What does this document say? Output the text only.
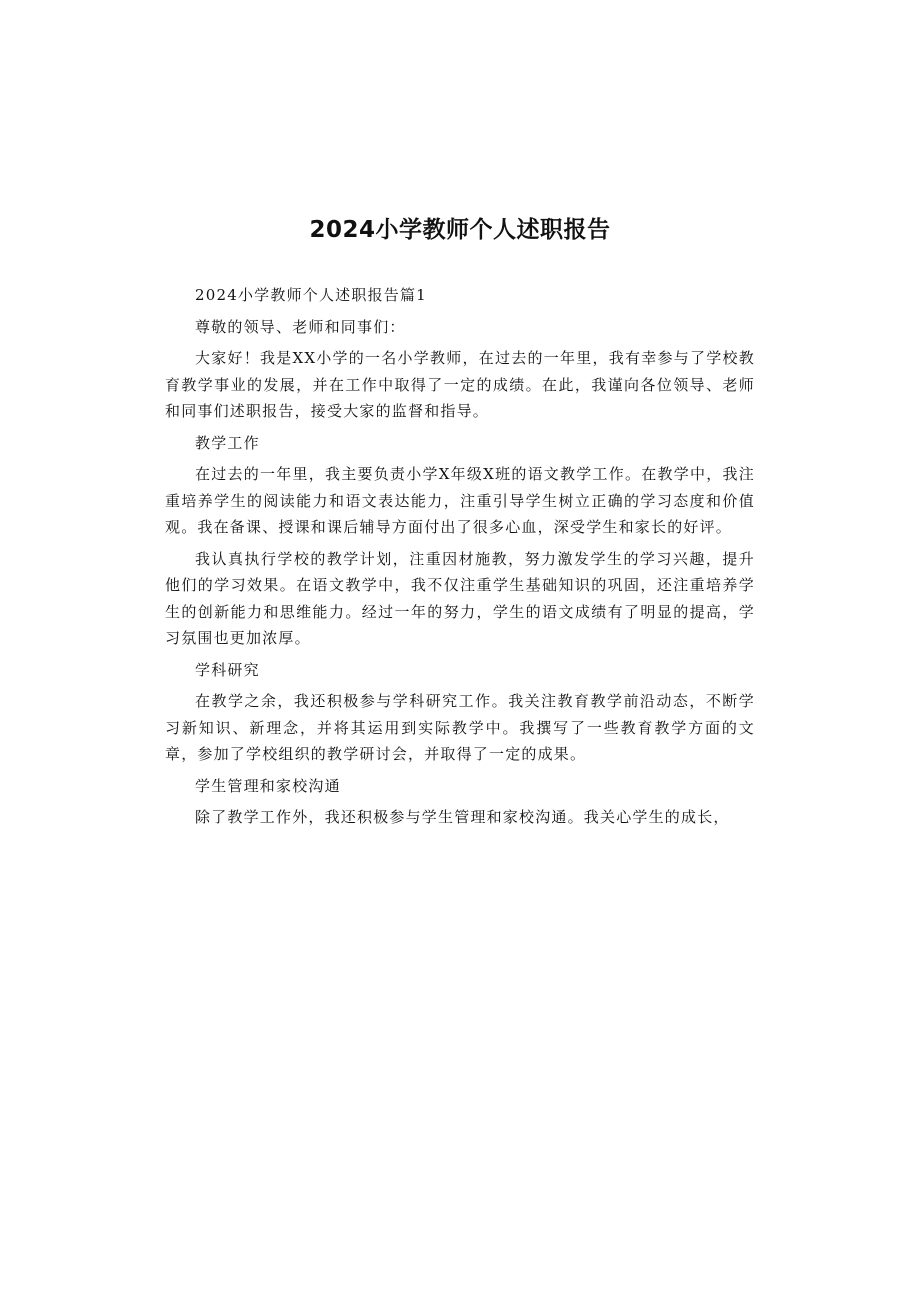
2024小学教师个人述职报告

2024小学教师个人述职报告篇1

尊敬的领导、老师和同事们：

大家好！我是XX小学的一名小学教师，在过去的一年里，我有幸参与了学校教育教学事业的发展，并在工作中取得了一定的成绩。在此，我谨向各位领导、老师和同事们述职报告，接受大家的监督和指导。

教学工作

在过去的一年里，我主要负责小学X年级X班的语文教学工作。在教学中，我注重培养学生的阅读能力和语文表达能力，注重引导学生树立正确的学习态度和价值观。我在备课、授课和课后辅导方面付出了很多心血，深受学生和家长的好评。

我认真执行学校的教学计划，注重因材施教，努力激发学生的学习兴趣，提升他们的学习效果。在语文教学中，我不仅注重学生基础知识的巩固，还注重培养学生的创新能力和思维能力。经过一年的努力，学生的语文成绩有了明显的提高，学习氛围也更加浓厚。

学科研究

在教学之余，我还积极参与学科研究工作。我关注教育教学前沿动态，不断学习新知识、新理念，并将其运用到实际教学中。我撰写了一些教育教学方面的文章，参加了学校组织的教学研讨会，并取得了一定的成果。

学生管理和家校沟通

除了教学工作外，我还积极参与学生管理和家校沟通。我关心学生的成长，
